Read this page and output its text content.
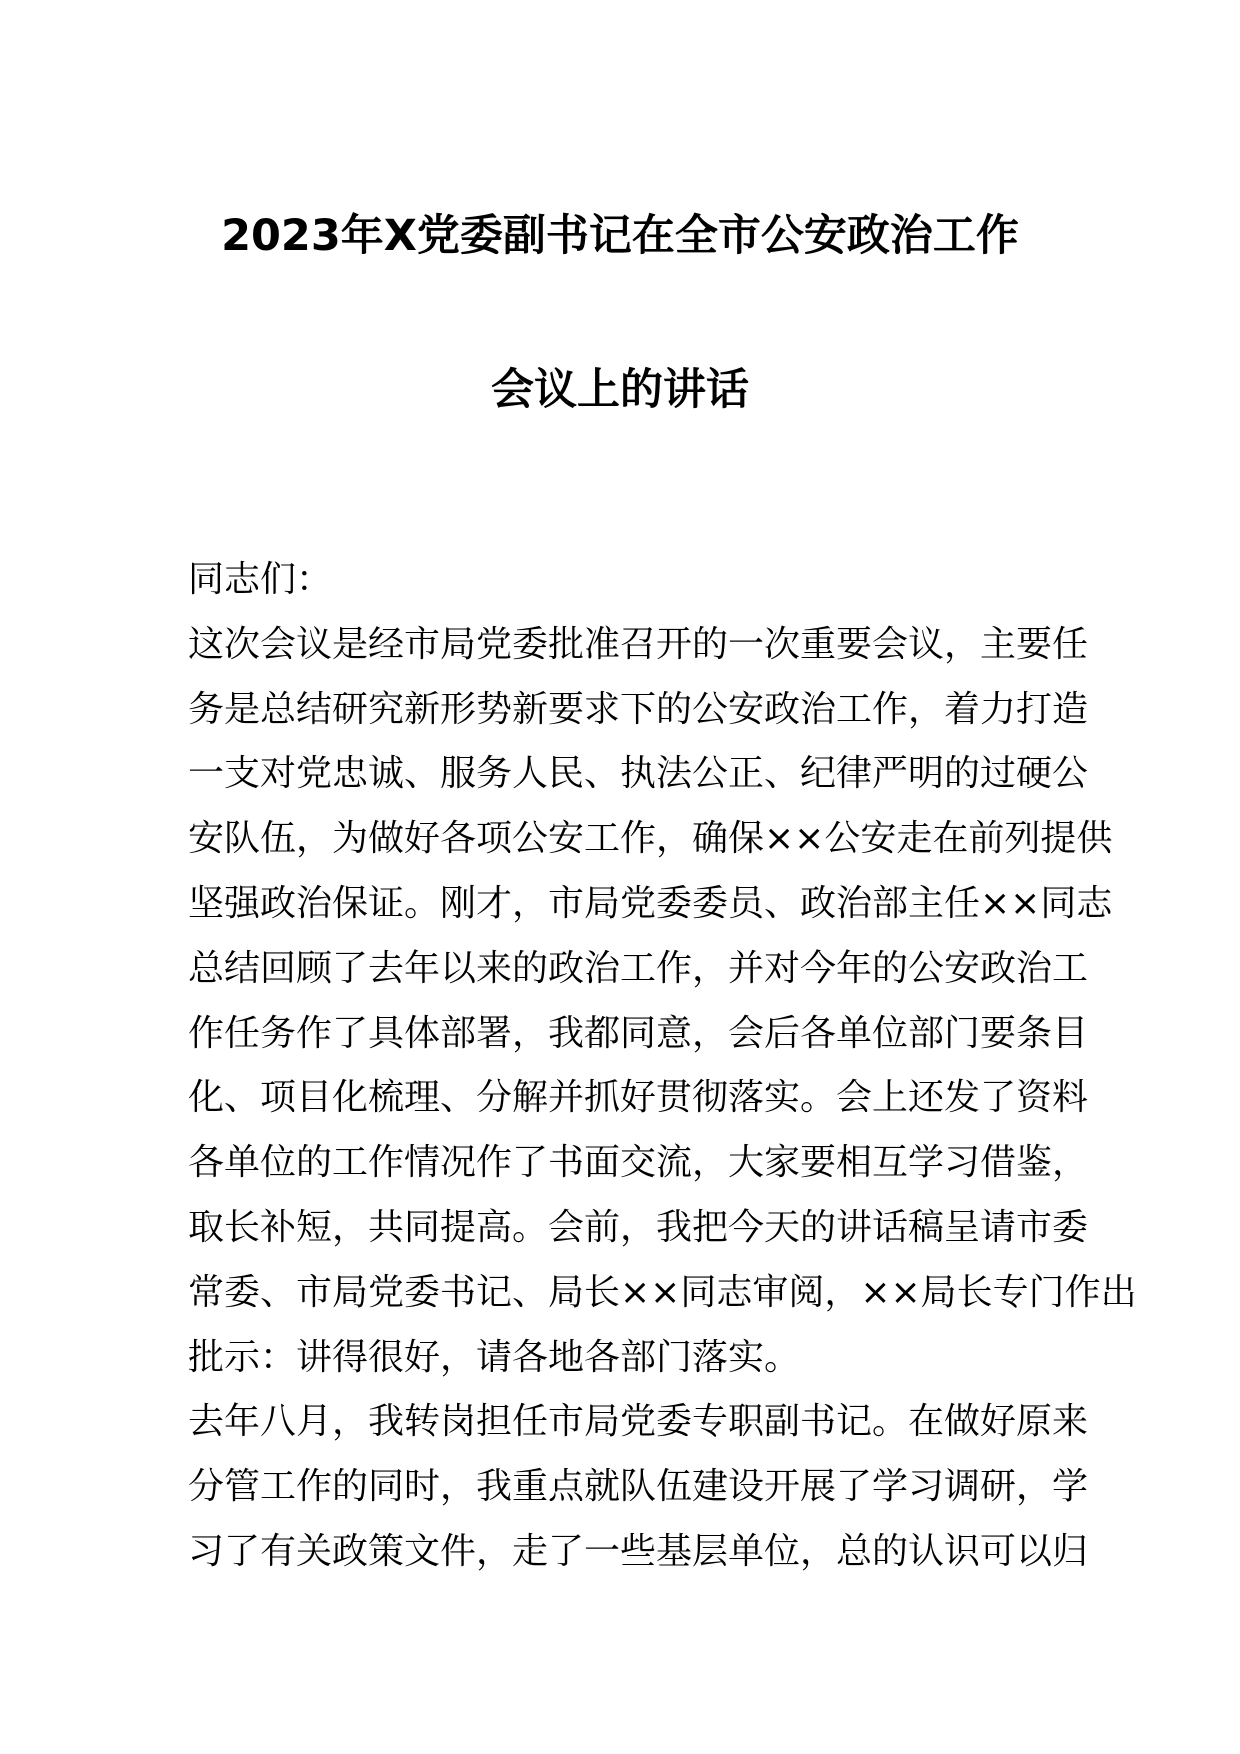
2023年X党委副书记在全市公安政治工作
会议上的讲话
同志们：
这次会议是经市局党委批准召开的一次重要会议，主要任
务是总结研究新形势新要求下的公安政治工作，着力打造
一支对党忠诚、服务人民、执法公正、纪律严明的过硬公
安队伍，为做好各项公安工作，确保××公安走在前列提供
坚强政治保证。刚才，市局党委委员、政治部主任××同志
总结回顾了去年以来的政治工作，并对今年的公安政治工
作任务作了具体部署，我都同意，会后各单位部门要条目
化、项目化梳理、分解并抓好贯彻落实。会上还发了资料
各单位的工作情况作了书面交流，大家要相互学习借鉴，
取长补短，共同提高。会前，我把今天的讲话稿呈请市委
常委、市局党委书记、局长××同志审阅，××局长专门作出
批示：讲得很好，请各地各部门落实。
去年八月，我转岗担任市局党委专职副书记。在做好原来
分管工作的同时，我重点就队伍建设开展了学习调研，学
习了有关政策文件，走了一些基层单位，总的认识可以归
